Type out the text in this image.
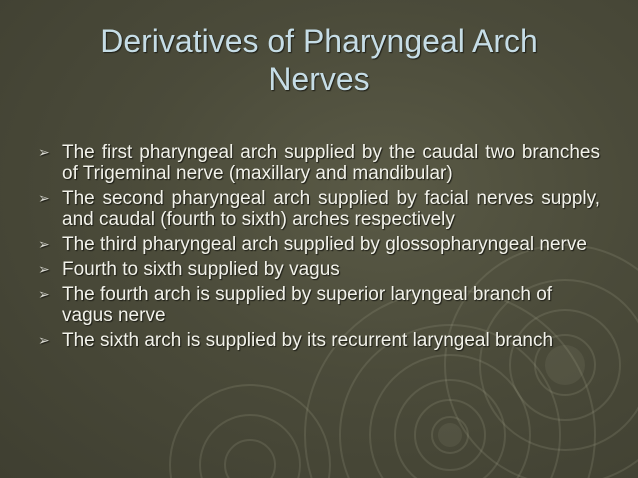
Derivatives of Pharyngeal Arch
Nerves
➢ The first pharyngeal arch supplied by the caudal two branches of Trigeminal nerve (maxillary and mandibular)
➢ The second pharyngeal arch supplied by facial nerves supply, and caudal (fourth to sixth) arches respectively
➢ The third pharyngeal arch supplied by glossopharyngeal nerve
➢ Fourth to sixth supplied by vagus
➢ The fourth arch is supplied by superior laryngeal branch of vagus nerve
➢ The sixth arch is supplied by its recurrent laryngeal branch
